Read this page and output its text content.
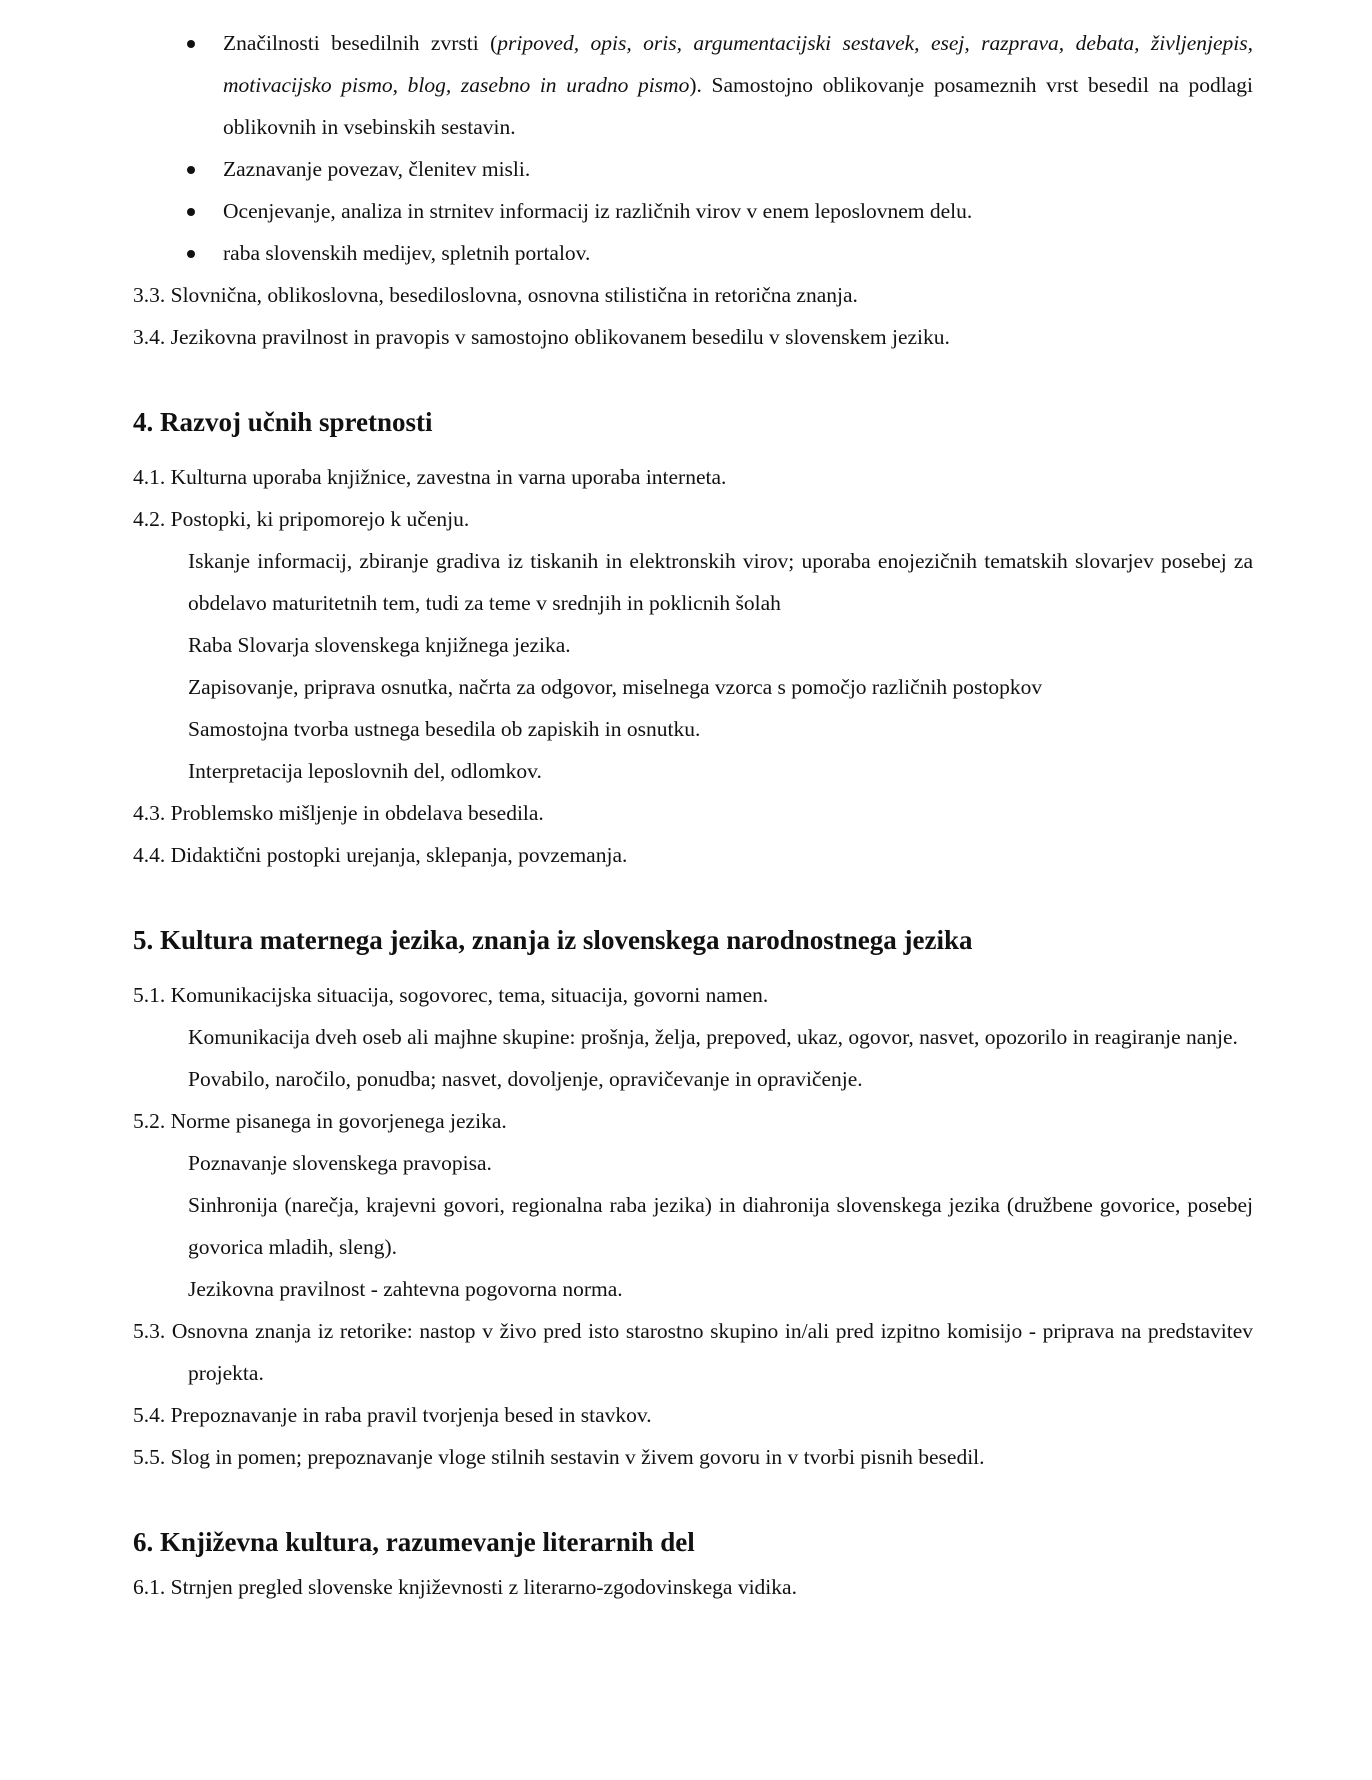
Značilnosti besedilnih zvrsti (pripoved, opis, oris, argumentacijski sestavek, esej, razprava, debata, življenjepis, motivacijsko pismo, blog, zasebno in uradno pismo). Samostojno oblikovanje posameznih vrst besedil na podlagi oblikovnih in vsebinskih sestavin.
Zaznavanje povezav, členitev misli.
Ocenjevanje, analiza in strnitev informacij iz različnih virov v enem leposlovnem delu.
raba slovenskih medijev, spletnih portalov.

3.3. Slovnična, oblikoslovna, besediloslovna, osnovna stilistična in retorična znanja.

3.4. Jezikovna pravilnost in pravopis v samostojno oblikovanem besedilu v slovenskem jeziku.

4. Razvoj učnih spretnosti

4.1. Kulturna uporaba knjižnice, zavestna in varna uporaba interneta.

4.2. Postopki, ki pripomorejo k učenju.

Iskanje informacij, zbiranje gradiva iz tiskanih in elektronskih virov; uporaba enojezičnih tematskih slovarjev posebej za obdelavo maturitetnih tem, tudi za teme v srednjih in poklicnih šolah

Raba Slovarja slovenskega knjižnega jezika.

Zapisovanje, priprava osnutka, načrta za odgovor, miselnega vzorca s pomočjo različnih postopkov

Samostojna tvorba ustnega besedila ob zapiskih in osnutku.

Interpretacija leposlovnih del, odlomkov.

4.3. Problemsko mišljenje in obdelava besedila.

4.4. Didaktični postopki urejanja, sklepanja, povzemanja.

5. Kultura maternega jezika, znanja iz slovenskega narodnostnega jezika

5.1. Komunikacijska situacija, sogovorec, tema, situacija, govorni namen.

Komunikacija dveh oseb ali majhne skupine: prošnja, želja, prepoved, ukaz, ogovor, nasvet, opozorilo in reagiranje nanje.

Povabilo, naročilo, ponudba; nasvet, dovoljenje, opravičevanje in opravičenje.

5.2. Norme pisanega in govorjenega jezika.

Poznavanje slovenskega pravopisa.

Sinhronija (narečja, krajevni govori, regionalna raba jezika) in diahronija slovenskega jezika (družbene govorice, posebej govorica mladih, sleng).

Jezikovna pravilnost - zahtevna pogovorna norma.

5.3. Osnovna znanja iz retorike: nastop v živo pred isto starostno skupino in/ali pred izpitno komisijo - priprava na predstavitev projekta.

5.4. Prepoznavanje in raba pravil tvorjenja besed in stavkov.

5.5. Slog in pomen; prepoznavanje vloge stilnih sestavin v živem govoru in v tvorbi pisnih besedil.

6. Književna kultura, razumevanje literarnih del

6.1. Strnjen pregled slovenske književnosti z literarno-zgodovinskega vidika.
